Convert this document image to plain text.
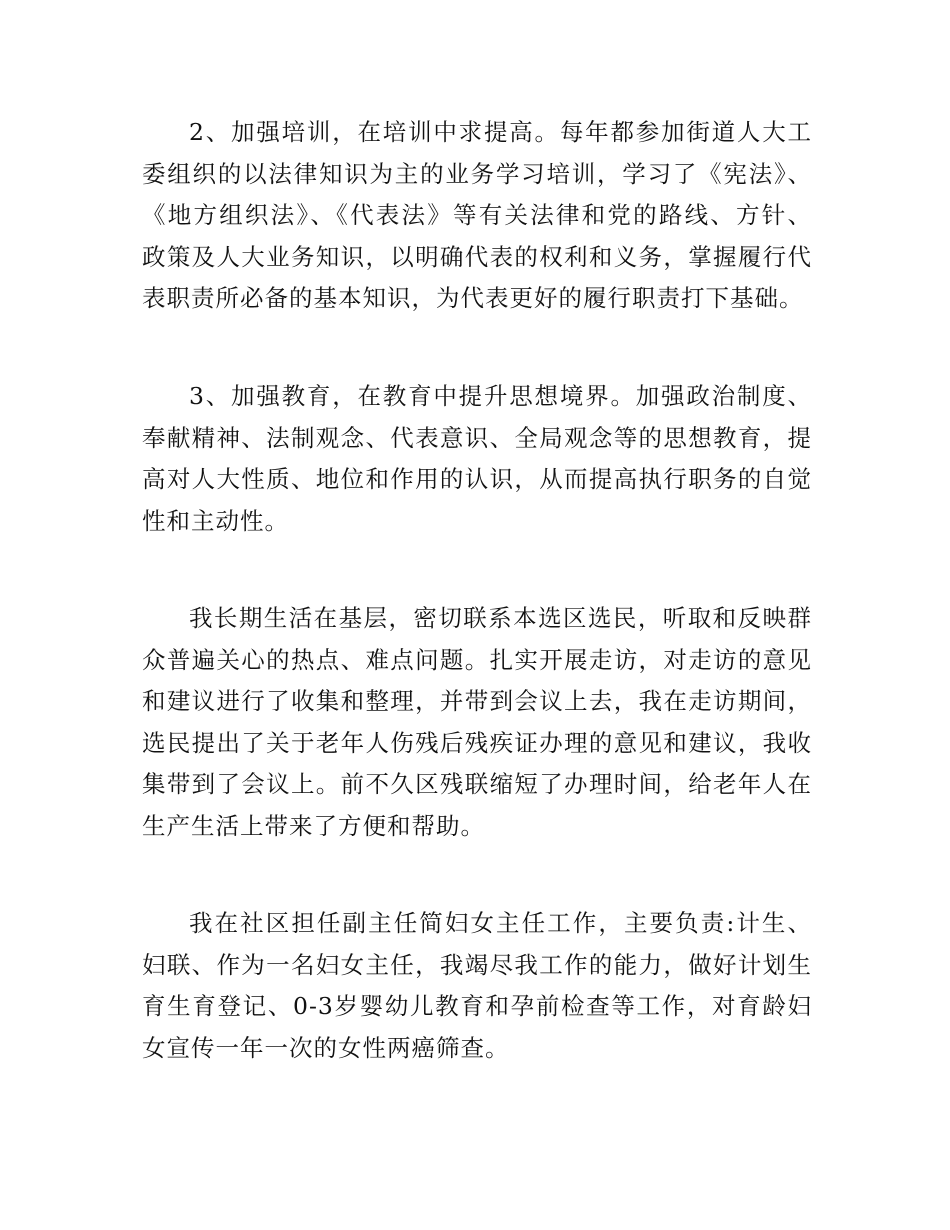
2、加强培训，在培训中求提高。每年都参加街道人大工
委组织的以法律知识为主的业务学习培训，学习了《宪法》、
《地方组织法》、《代表法》等有关法律和党的路线、方针、
政策及人大业务知识，以明确代表的权利和义务，掌握履行代
表职责所必备的基本知识，为代表更好的履行职责打下基础。
3、加强教育，在教育中提升思想境界。加强政治制度、
奉献精神、法制观念、代表意识、全局观念等的思想教育，提
高对人大性质、地位和作用的认识，从而提高执行职务的自觉
性和主动性。
我长期生活在基层，密切联系本选区选民，听取和反映群
众普遍关心的热点、难点问题。扎实开展走访，对走访的意见
和建议进行了收集和整理，并带到会议上去，我在走访期间，
选民提出了关于老年人伤残后残疾证办理的意见和建议，我收
集带到了会议上。前不久区残联缩短了办理时间，给老年人在
生产生活上带来了方便和帮助。
我在社区担任副主任简妇女主任工作，主要负责:计生、
妇联、作为一名妇女主任，我竭尽我工作的能力，做好计划生
育生育登记、0-3岁婴幼儿教育和孕前检查等工作，对育龄妇
女宣传一年一次的女性两癌筛查。
